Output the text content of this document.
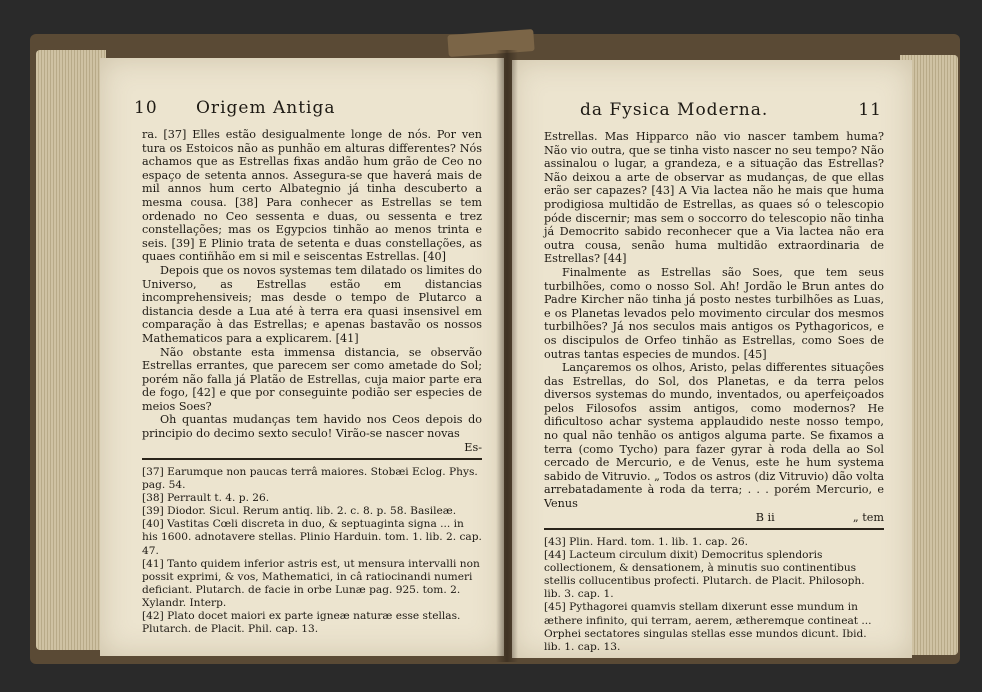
10 Origem Antiga

ra. [37] Elles estão desigualmente longe de nós. Por ven tura os Estoicos não as punhão em alturas differentes? Nós achamos que as Estrellas fixas andão hum grão de Ceo no espaço de setenta annos. Assegura-se que haverá mais de mil annos hum certo Albategnio já tinha descuberto a mesma cousa. [38] Para conhecer as Estrellas se tem ordenado no Ceo sessenta e duas, ou sessenta e trez constellações; mas os Egypcios tinhão ao menos trinta e seis. [39] E Plinio trata de setenta e duas constellações, as quaes contiñhão em si mil e seiscentas Estrellas. [40]

Depois que os novos systemas tem dilatado os limites do Universo, as Estrellas estão em distancias incomprehensiveis; mas desde o tempo de Plutarco a distancia desde a Lua até à terra era quasi insensivel em comparação à das Estrellas; e apenas bastavão os nossos Mathematicos para a explicarem. [41]

Não obstante esta immensa distancia, se observão Estrellas errantes, que parecem ser como ametade do Sol; porém não falla já Platão de Estrellas, cuja maior parte era de fogo, [42] e que por conseguinte podião ser especies de meios Soes?

Oh quantas mudanças tem havido nos Ceos depois do principio do decimo sexto seculo! Virão-se nascer novas

Es-
[37] Earumque non paucas terrâ maiores. Stobæi Eclog. Phys. pag. 54.
[38] Perrault t. 4. p. 26.
[39] Diodor. Sicul. Rerum antiq. lib. 2. c. 8. p. 58. Basileæ.
[40] Vastitas Cœli discreta in duo, & septuaginta signa ... in his 1600. adnotavere stellas. Plinio Harduin. tom. 1. lib. 2. cap. 47.
[41] Tanto quidem inferior astris est, ut mensura intervalli non possit exprimi, & vos, Mathematici, in câ ratiocinandi numeri deficiant. Plutarch. de facie in orbe Lunæ pag. 925. tom. 2. Xylandr. Interp.
[42] Plato docet maiori ex parte igneæ naturæ esse stellas. Plutarch. de Placit. Phil. cap. 13.
da Fysica Moderna.	11

Estrellas. Mas Hipparco não vio nascer tambem huma? Não vio outra, que se tinha visto nascer no seu tempo? Não assinalou o lugar, a grandeza, e a situação das Estrellas? Não deixou a arte de observar as mudanças, de que ellas erão ser capazes? [43] A Via lactea não he mais que huma prodigiosa multidão de Estrellas, as quaes só o telescopio póde discernir; mas sem o soccorro do telescopio não tinha já Democrito sabido reconhecer que a Via lactea não era outra cousa, senão huma multidão extraordinaria de Estrellas? [44]

Finalmente as Estrellas são Soes, que tem seus turbilhões, como o nosso Sol. Ah! Jordão le Brun antes do Padre Kircher não tinha já posto nestes turbilhões as Luas, e os Planetas levados pelo movimento circular dos mesmos turbilhões? Já nos seculos mais antigos os Pythagoricos, e os discipulos de Orfeo tinhão as Estrellas, como Soes de outras tantas especies de mundos. [45]

Lançaremos os olhos, Aristo, pelas differentes situações das Estrellas, do Sol, dos Planetas, e da terra pelos diversos systemas do mundo, inventados, ou aperfeiçoados pelos Filosofos assim antigos, como modernos? He dificultoso achar systema applaudido neste nosso tempo, no qual não tenhão os antigos alguma parte. Se fixamos a terra (como Tycho) para fazer gyrar à roda della ao Sol cercado de Mercurio, e de Venus, este he hum systema sabido de Vitruvio. „ Todos os astros (diz Vitruvio) dão volta arrebatadamente à roda da terra; . . . porém Mercurio, e Venus

B ii	„ tem
[43] Plin. Hard. tom. 1. lib. 1. cap. 26.
[44] Lacteum circulum dixit) Democritus splendoris collectionem, & densationem, à minutis suo continentibus stellis collucentibus profecti. Plutarch. de Placit. Philosoph. lib. 3. cap. 1.
[45] Pythagorei quamvis stellam dixerunt esse mundum in æthere infinito, qui terram, aerem, ætheremque contineat ... Orphei sectatores singulas stellas esse mundos dicunt. Ibid. lib. 1. cap. 13.
